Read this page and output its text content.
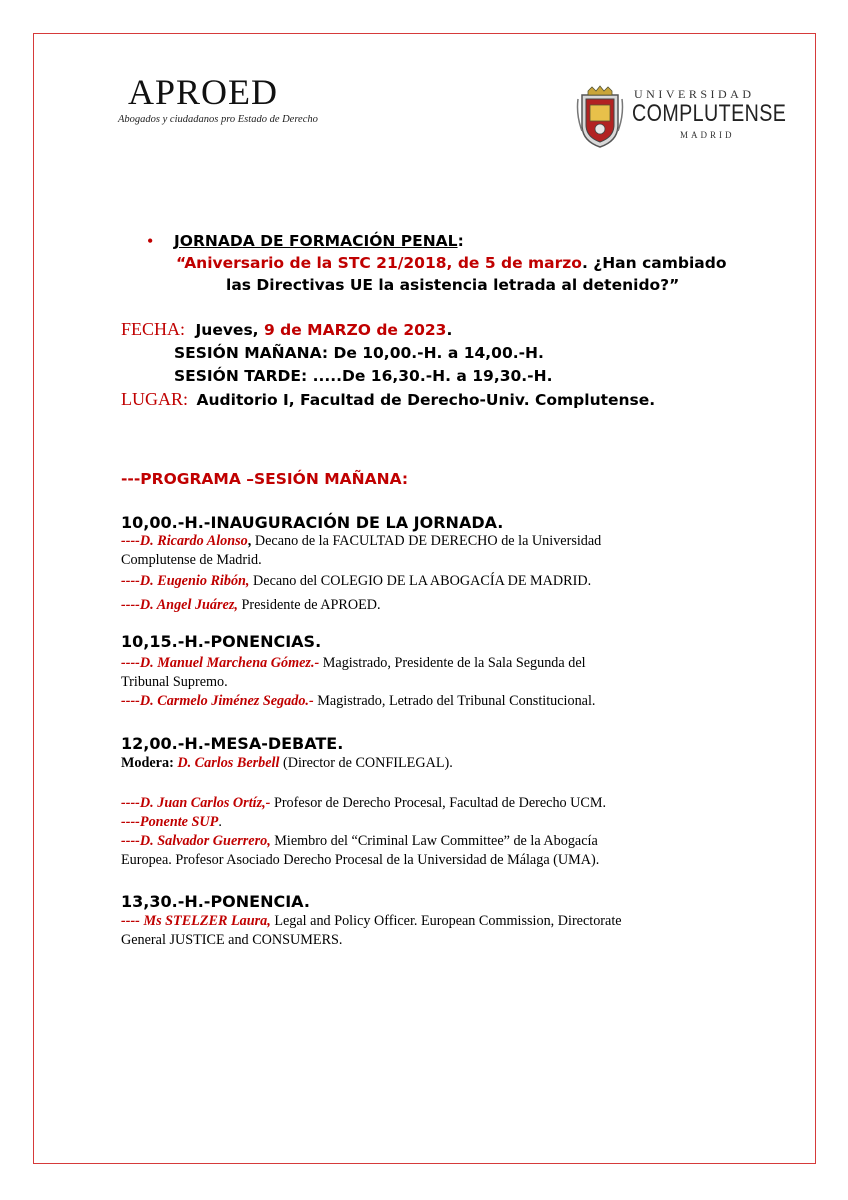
APROED
Abogados y ciudadanos pro Estado de Derecho
UNIVERSIDAD
COMPLUTENSE
MADRID
• JORNADA DE FORMACIÓN PENAL:
“Aniversario de la STC 21/2018, de 5 de marzo. ¿Han cambiado
las Directivas UE la asistencia letrada al detenido?”
FECHA: Jueves, 9 de MARZO de 2023.
SESIÓN MAÑANA: De 10,00.-H. a 14,00.-H.
SESIÓN TARDE: .....De 16,30.-H. a 19,30.-H.
LUGAR: Auditorio I, Facultad de Derecho-Univ. Complutense.
---PROGRAMA –SESIÓN MAÑANA:
10,00.-H.-INAUGURACIÓN DE LA JORNADA.
----D. Ricardo Alonso, Decano de la FACULTAD DE DERECHO de la Universidad
Complutense de Madrid.
----D. Eugenio Ribón, Decano del COLEGIO DE LA ABOGACÍA DE MADRID.
----D. Angel Juárez, Presidente de APROED.
10,15.-H.-PONENCIAS.
----D. Manuel Marchena Gómez.- Magistrado, Presidente de la Sala Segunda del
Tribunal Supremo.
----D. Carmelo Jiménez Segado.- Magistrado, Letrado del Tribunal Constitucional.
12,00.-H.-MESA-DEBATE.
Modera: D. Carlos Berbell (Director de CONFILEGAL).
----D. Juan Carlos Ortíz,- Profesor de Derecho Procesal, Facultad de Derecho UCM.
----Ponente SUP.
----D. Salvador Guerrero, Miembro del “Criminal Law Committee” de la Abogacía
Europea. Profesor Asociado Derecho Procesal de la Universidad de Málaga (UMA).
13,30.-H.-PONENCIA.
---- Ms STELZER Laura, Legal and Policy Officer. European Commission, Directorate
General JUSTICE and CONSUMERS.
